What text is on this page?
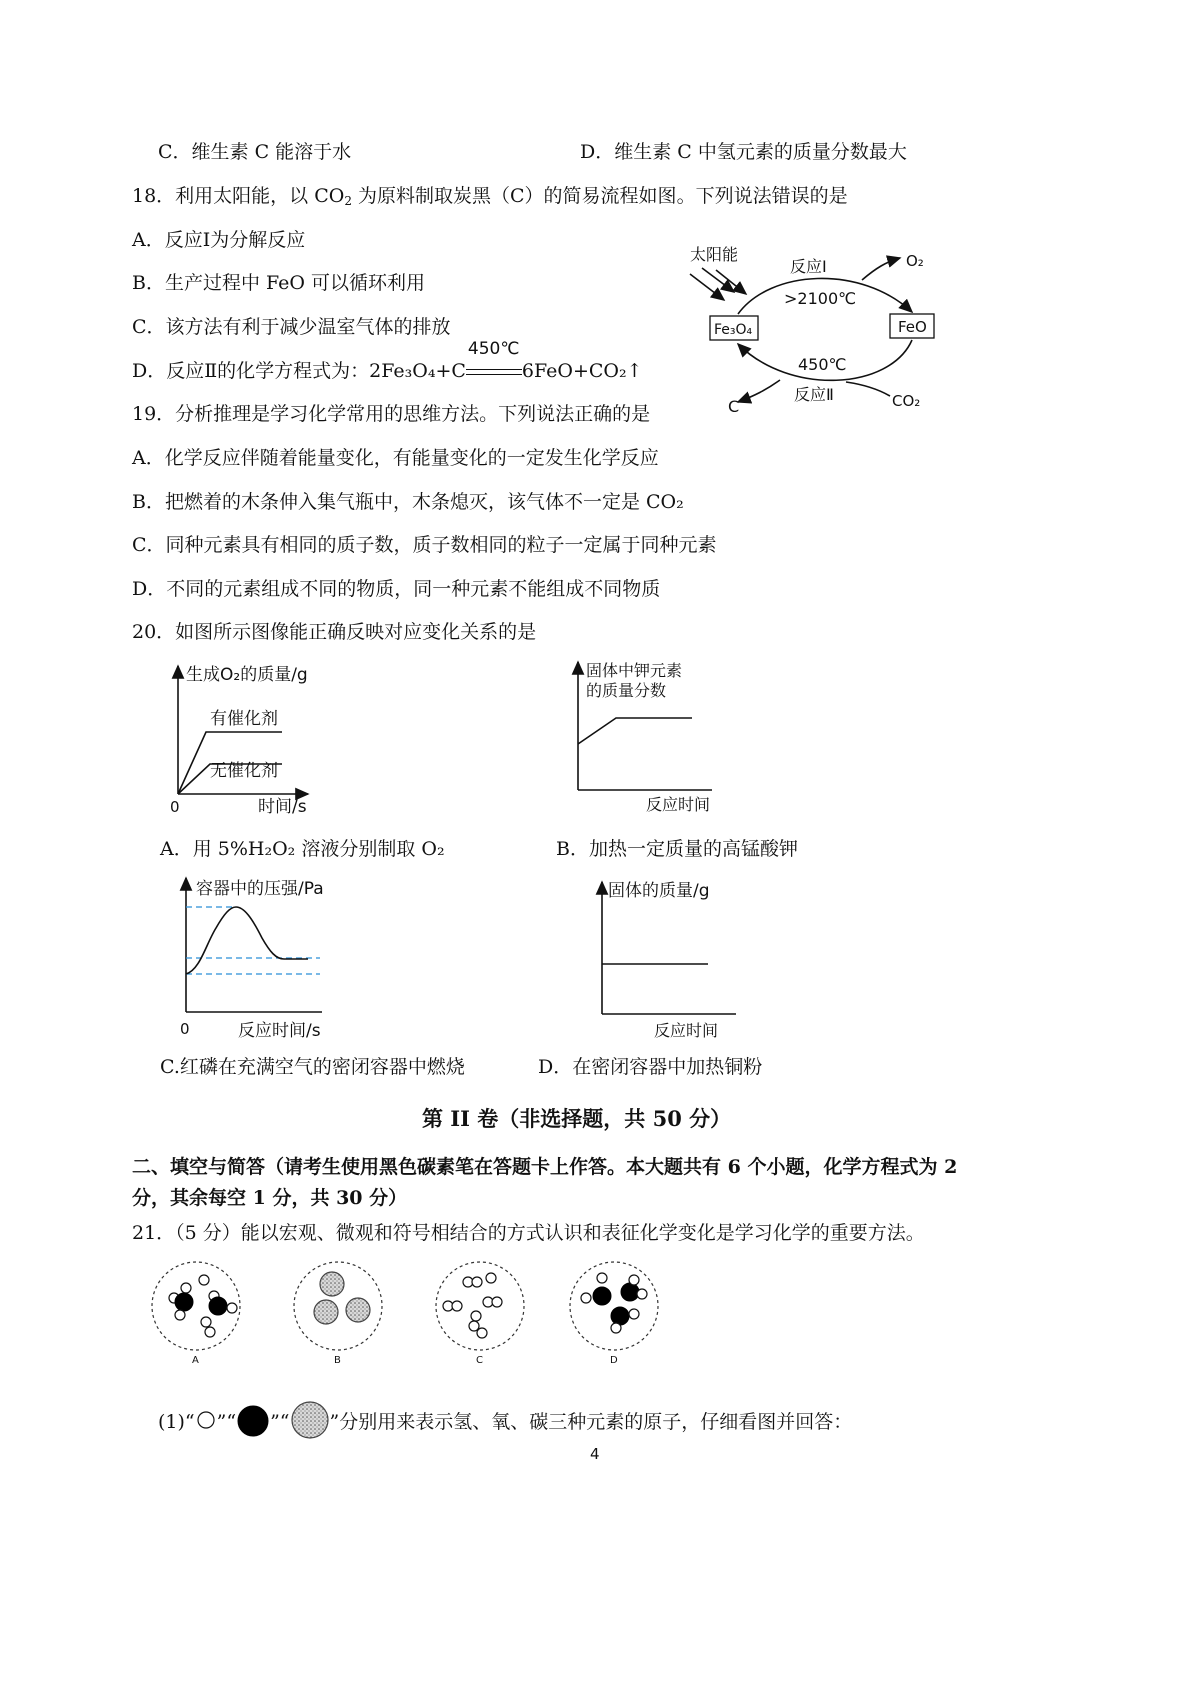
C．维生素 C 能溶于水	D．维生素 C 中氢元素的质量分数最大
18．利用太阳能，以 $CO_2$ 为原料制取炭黑（C）的简易流程如图。下列说法错误的是
A．反应Ⅰ为分解反应
B．生产过程中 FeO 可以循环利用
C．该方法有利于减少温室气体的排放
D．反应Ⅱ的化学方程式为：2Fe₃O₄+C
450℃
6FeO+CO₂↑
太阳能
反应Ⅰ
>2100℃
O₂
Fe₃O₄	FeO
450℃
反应Ⅱ
C	CO₂
19．分析推理是学习化学常用的思维方法。下列说法正确的是
A．化学反应伴随着能量变化，有能量变化的一定发生化学反应
B．把燃着的木条伸入集气瓶中，木条熄灭，该气体不一定是 CO₂
C．同种元素具有相同的质子数，质子数相同的粒子一定属于同种元素
D．不同的元素组成不同的物质，同一种元素不能组成不同物质
20．如图所示图像能正确反映对应变化关系的是
生成O₂的质量/g
有催化剂
无催化剂
0	时间/s
A．用 5%H₂O₂ 溶液分别制取 O₂
固体中钾元素
的质量分数
反应时间
B．加热一定质量的高锰酸钾
容器中的压强/Pa
0	反应时间/s
C.红磷在充满空气的密闭容器中燃烧
固体的质量/g
反应时间
D．在密闭容器中加热铜粉
第 II 卷（非选择题，共 50 分）
二、填空与简答（请考生使用黑色碳素笔在答题卡上作答。本大题共有 6 个小题，化学方程式为 2
分，其余每空 1 分，共 30 分）
21．（5 分）能以宏观、微观和符号相结合的方式认识和表征化学变化是学习化学的重要方法。
A	B	C	D
(1)“ ”“ ”“ ”分别用来表示氢、氧、碳三种元素的原子，仔细看图并回答：
4
